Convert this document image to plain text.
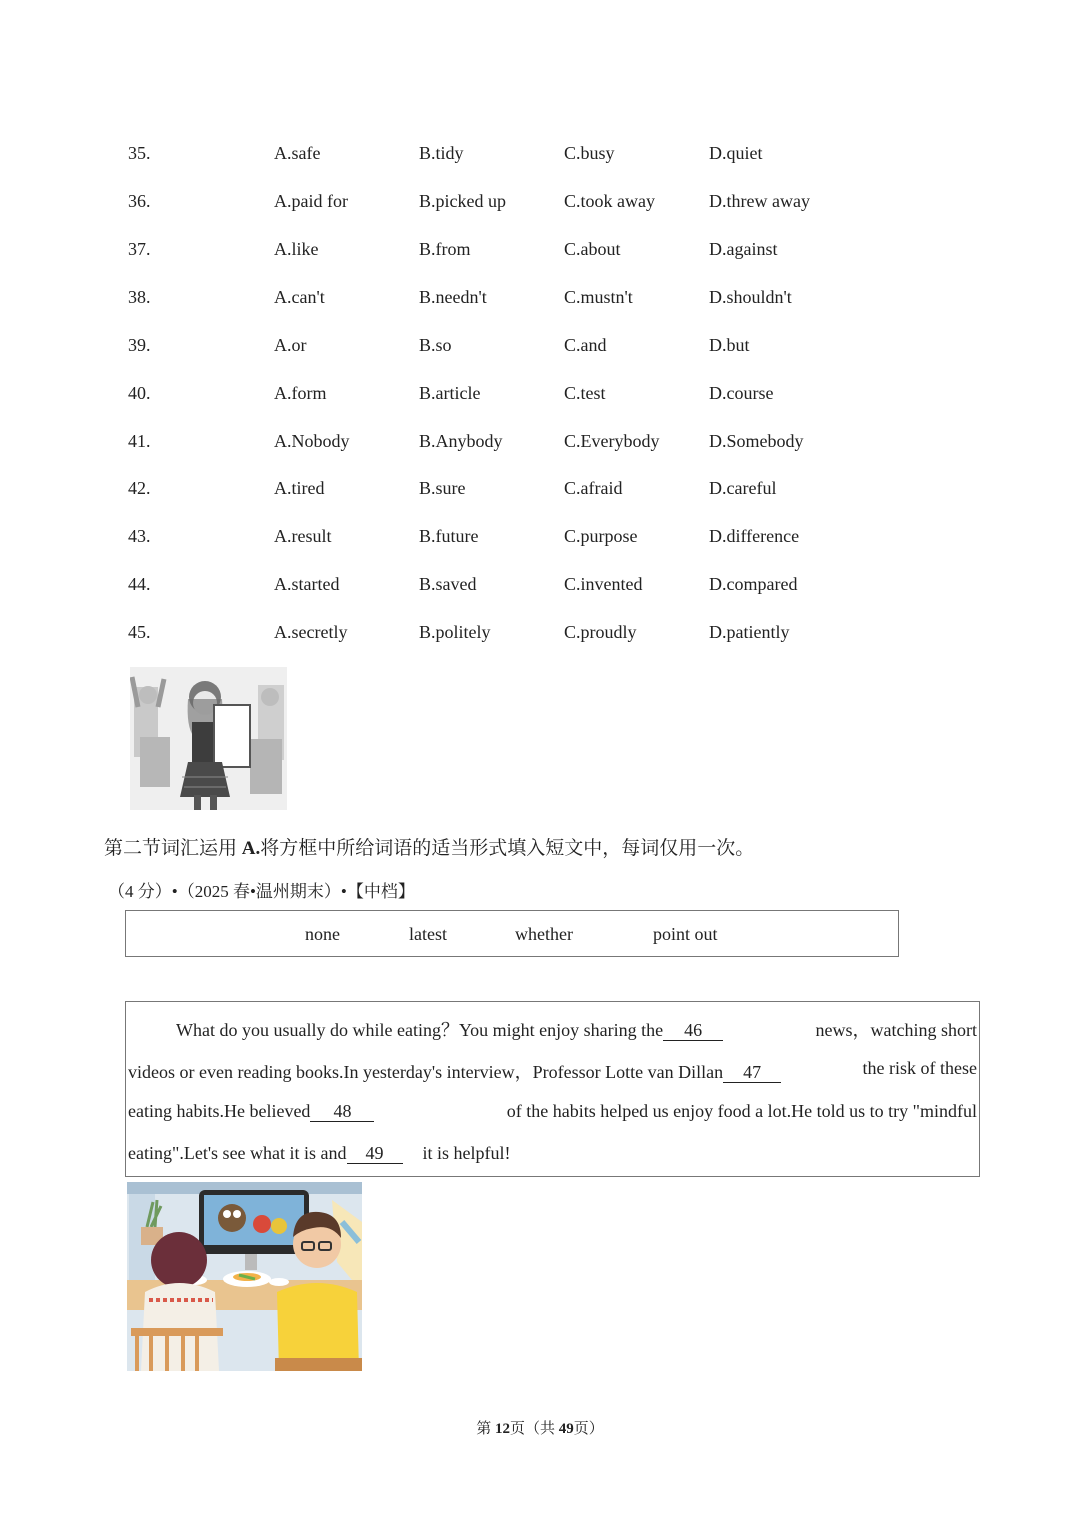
35.	A.safe	B.tidy	C.busy	D.quiet
36.	A.paid for	B.picked up	C.took away	D.threw away
37.	A.like	B.from	C.about	D.against
38.	A.can't	B.needn't	C.mustn't	D.shouldn't
39.	A.or	B.so	C.and	D.but
40.	A.form	B.article	C.test	D.course
41.	A.Nobody	B.Anybody	C.Everybody	D.Somebody
42.	A.tired	B.sure	C.afraid	D.careful
43.	A.result	B.future	C.purpose	D.difference
44.	A.started	B.saved	C.invented	D.compared
45.	A.secretly	B.politely	C.proudly	D.patiently
第二节词汇运用 A.将方框中所给词语的适当形式填入短文中，每词仅用一次。
（4 分）•（2025 春•温州期末）•【中档】
none	latest	whether	point out
What do you usually do while eating？You might enjoy sharing the 46	news，watching short
videos or even reading books.In yesterday's interview，Professor Lotte van Dillan 47	the risk of these
eating habits.He believed 48	of the habits helped us enjoy food a lot.He told us to try "mindful
eating".Let's see what it is and 49 it is helpful!
第 12页（共 49页）
